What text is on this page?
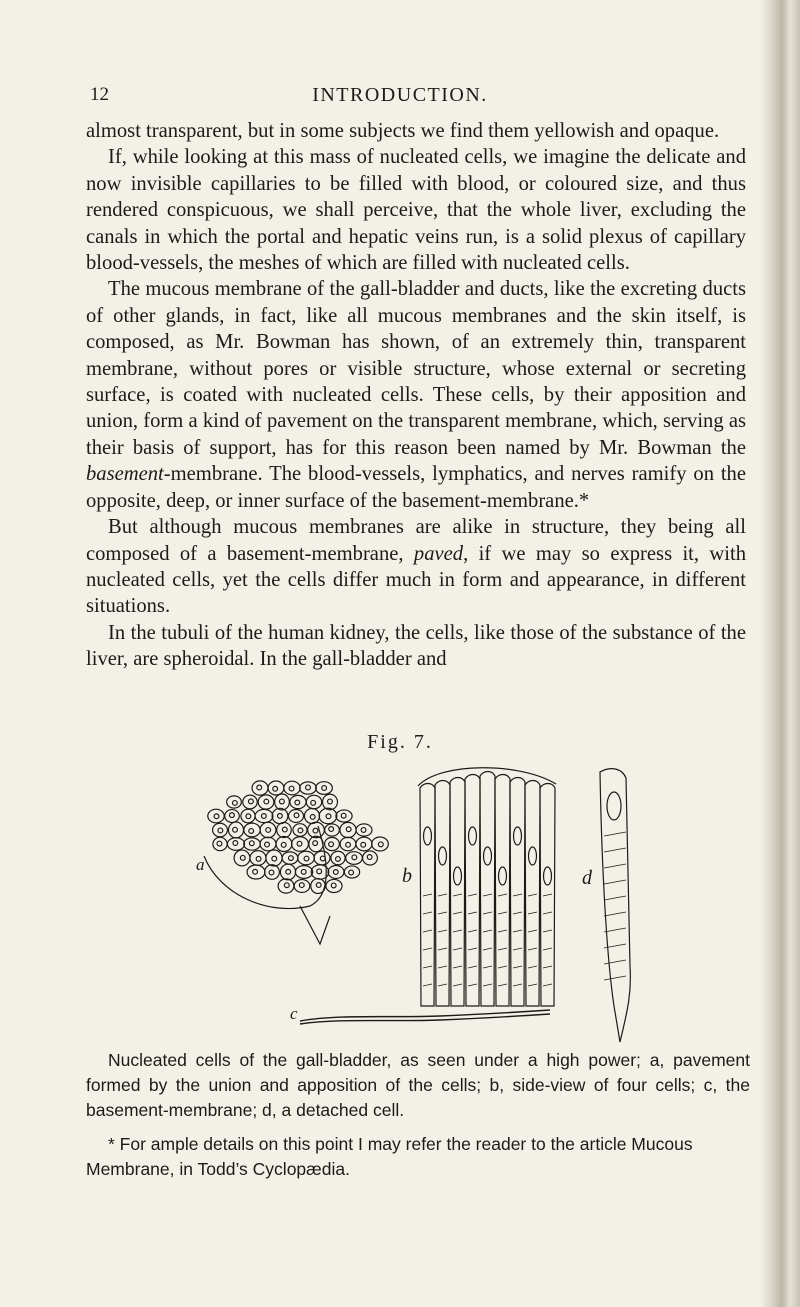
12	INTRODUCTION.

almost transparent, but in some subjects we find them yellowish and opaque.

If, while looking at this mass of nucleated cells, we imagine the delicate and now invisible capillaries to be filled with blood, or coloured size, and thus rendered conspicuous, we shall perceive, that the whole liver, excluding the canals in which the portal and hepatic veins run, is a solid plexus of capillary blood-vessels, the meshes of which are filled with nucleated cells.

The mucous membrane of the gall-bladder and ducts, like the excreting ducts of other glands, in fact, like all mucous membranes and the skin itself, is composed, as Mr. Bowman has shown, of an extremely thin, transparent membrane, without pores or visible structure, whose external or secreting surface, is coated with nucleated cells. These cells, by their apposition and union, form a kind of pavement on the transparent membrane, which, serving as their basis of support, has for this reason been named by Mr. Bowman the basement-membrane. The blood-vessels, lymphatics, and nerves ramify on the opposite, deep, or inner surface of the basement-membrane.*

But although mucous membranes are alike in structure, they being all composed of a basement-membrane, paved, if we may so express it, with nucleated cells, yet the cells differ much in form and appearance, in different situations.

In the tubuli of the human kidney, the cells, like those of the substance of the liver, are spheroidal. In the gall-bladder and

Fig. 7.
a
b
c
d

Nucleated cells of the gall-bladder, as seen under a high power; a, pavement formed by the union and apposition of the cells; b, side-view of four cells; c, the basement-membrane; d, a detached cell.

* For ample details on this point I may refer the reader to the article Mucous Membrane, in Todd’s Cyclopædia.
